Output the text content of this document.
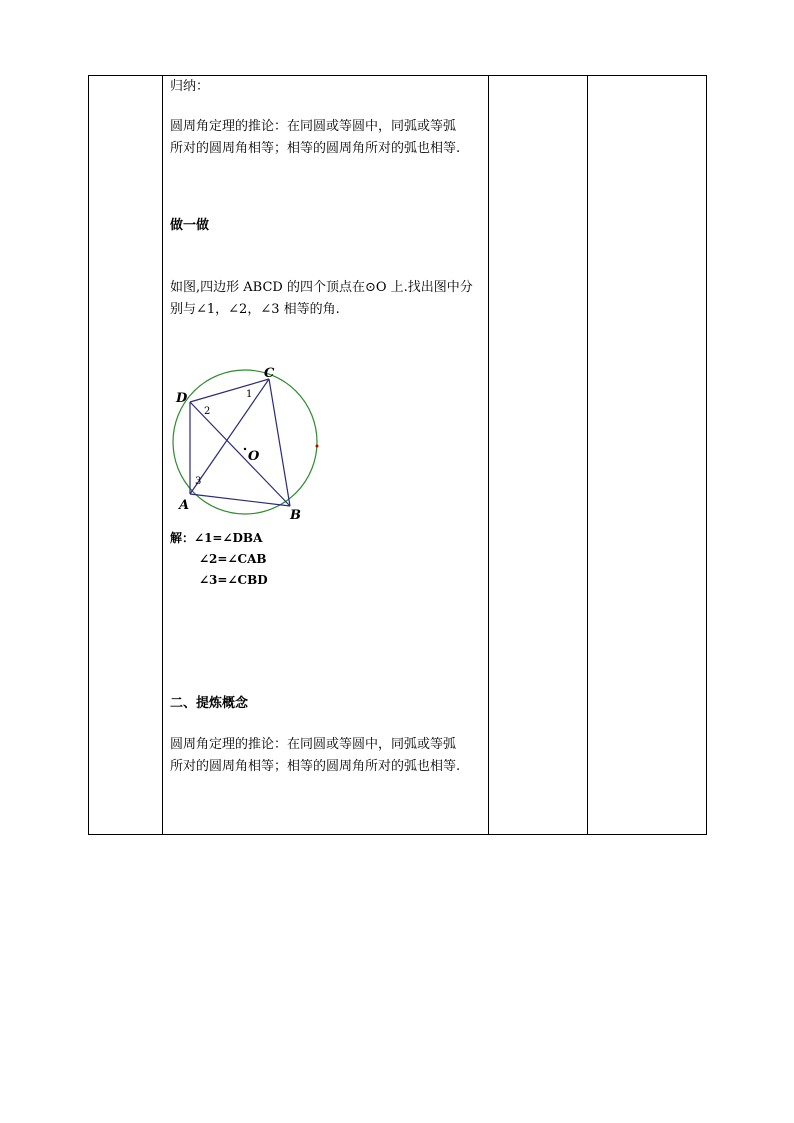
归纳：
圆周角定理的推论：在同圆或等圆中，同弧或等弧
所对的圆周角相等；相等的圆周角所对的弧也相等.
做一做
如图,四边形 ABCD 的四个顶点在⊙O 上.找出图中分
别与∠1，∠2，∠3 相等的角.
D
C
A
B
O
1
2
3
解：∠1=∠DBA
∠2=∠CAB
∠3=∠CBD
二、提炼概念
圆周角定理的推论：在同圆或等圆中，同弧或等弧
所对的圆周角相等；相等的圆周角所对的弧也相等.
